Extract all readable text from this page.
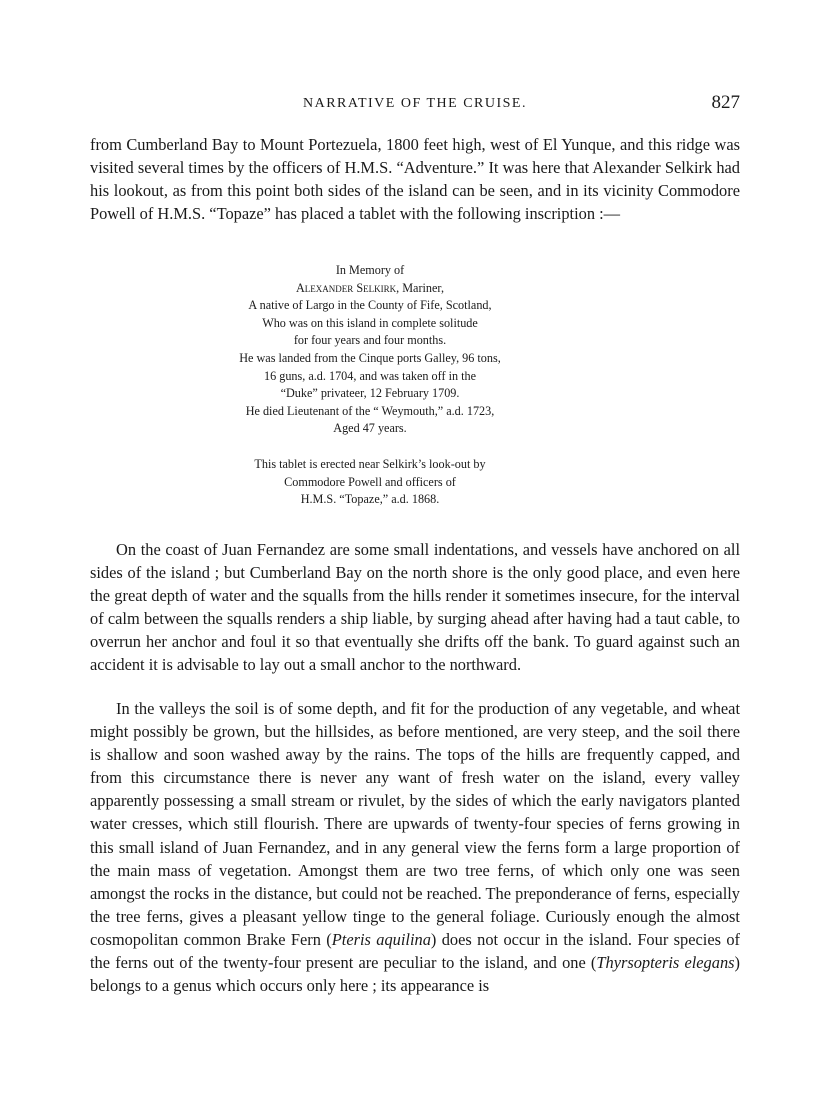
NARRATIVE OF THE CRUISE.	827

from Cumberland Bay to Mount Portezuela, 1800 feet high, west of El Yunque, and this ridge was visited several times by the officers of H.M.S. “Adventure.” It was here that Alexander Selkirk had his lookout, as from this point both sides of the island can be seen, and in its vicinity Commodore Powell of H.M.S. “Topaze” has placed a tablet with the following inscription :—

In Memory of
Alexander Selkirk, Mariner,
A native of Largo in the County of Fife, Scotland,
Who was on this island in complete solitude
for four years and four months.
He was landed from the Cinque ports Galley, 96 tons,
16 guns, a.d. 1704, and was taken off in the
“Duke” privateer, 12 February 1709.
He died Lieutenant of the “ Weymouth,” a.d. 1723,
Aged 47 years.

This tablet is erected near Selkirk’s look-out by
Commodore Powell and officers of
H.M.S. “Topaze,” a.d. 1868.

On the coast of Juan Fernandez are some small indentations, and vessels have anchored on all sides of the island ; but Cumberland Bay on the north shore is the only good place, and even here the great depth of water and the squalls from the hills render it sometimes insecure, for the interval of calm between the squalls renders a ship liable, by surging ahead after having had a taut cable, to overrun her anchor and foul it so that eventually she drifts off the bank. To guard against such an accident it is advisable to lay out a small anchor to the northward.

In the valleys the soil is of some depth, and fit for the production of any vegetable, and wheat might possibly be grown, but the hillsides, as before mentioned, are very steep, and the soil there is shallow and soon washed away by the rains. The tops of the hills are frequently capped, and from this circumstance there is never any want of fresh water on the island, every valley apparently possessing a small stream or rivulet, by the sides of which the early navigators planted water cresses, which still flourish. There are upwards of twenty-four species of ferns growing in this small island of Juan Fernandez, and in any general view the ferns form a large proportion of the main mass of vegetation. Amongst them are two tree ferns, of which only one was seen amongst the rocks in the distance, but could not be reached. The preponderance of ferns, especially the tree ferns, gives a pleasant yellow tinge to the general foliage. Curiously enough the almost cosmopolitan common Brake Fern (Pteris aquilina) does not occur in the island. Four species of the ferns out of the twenty-four present are peculiar to the island, and one (Thyrsopteris elegans) belongs to a genus which occurs only here ; its appearance is
